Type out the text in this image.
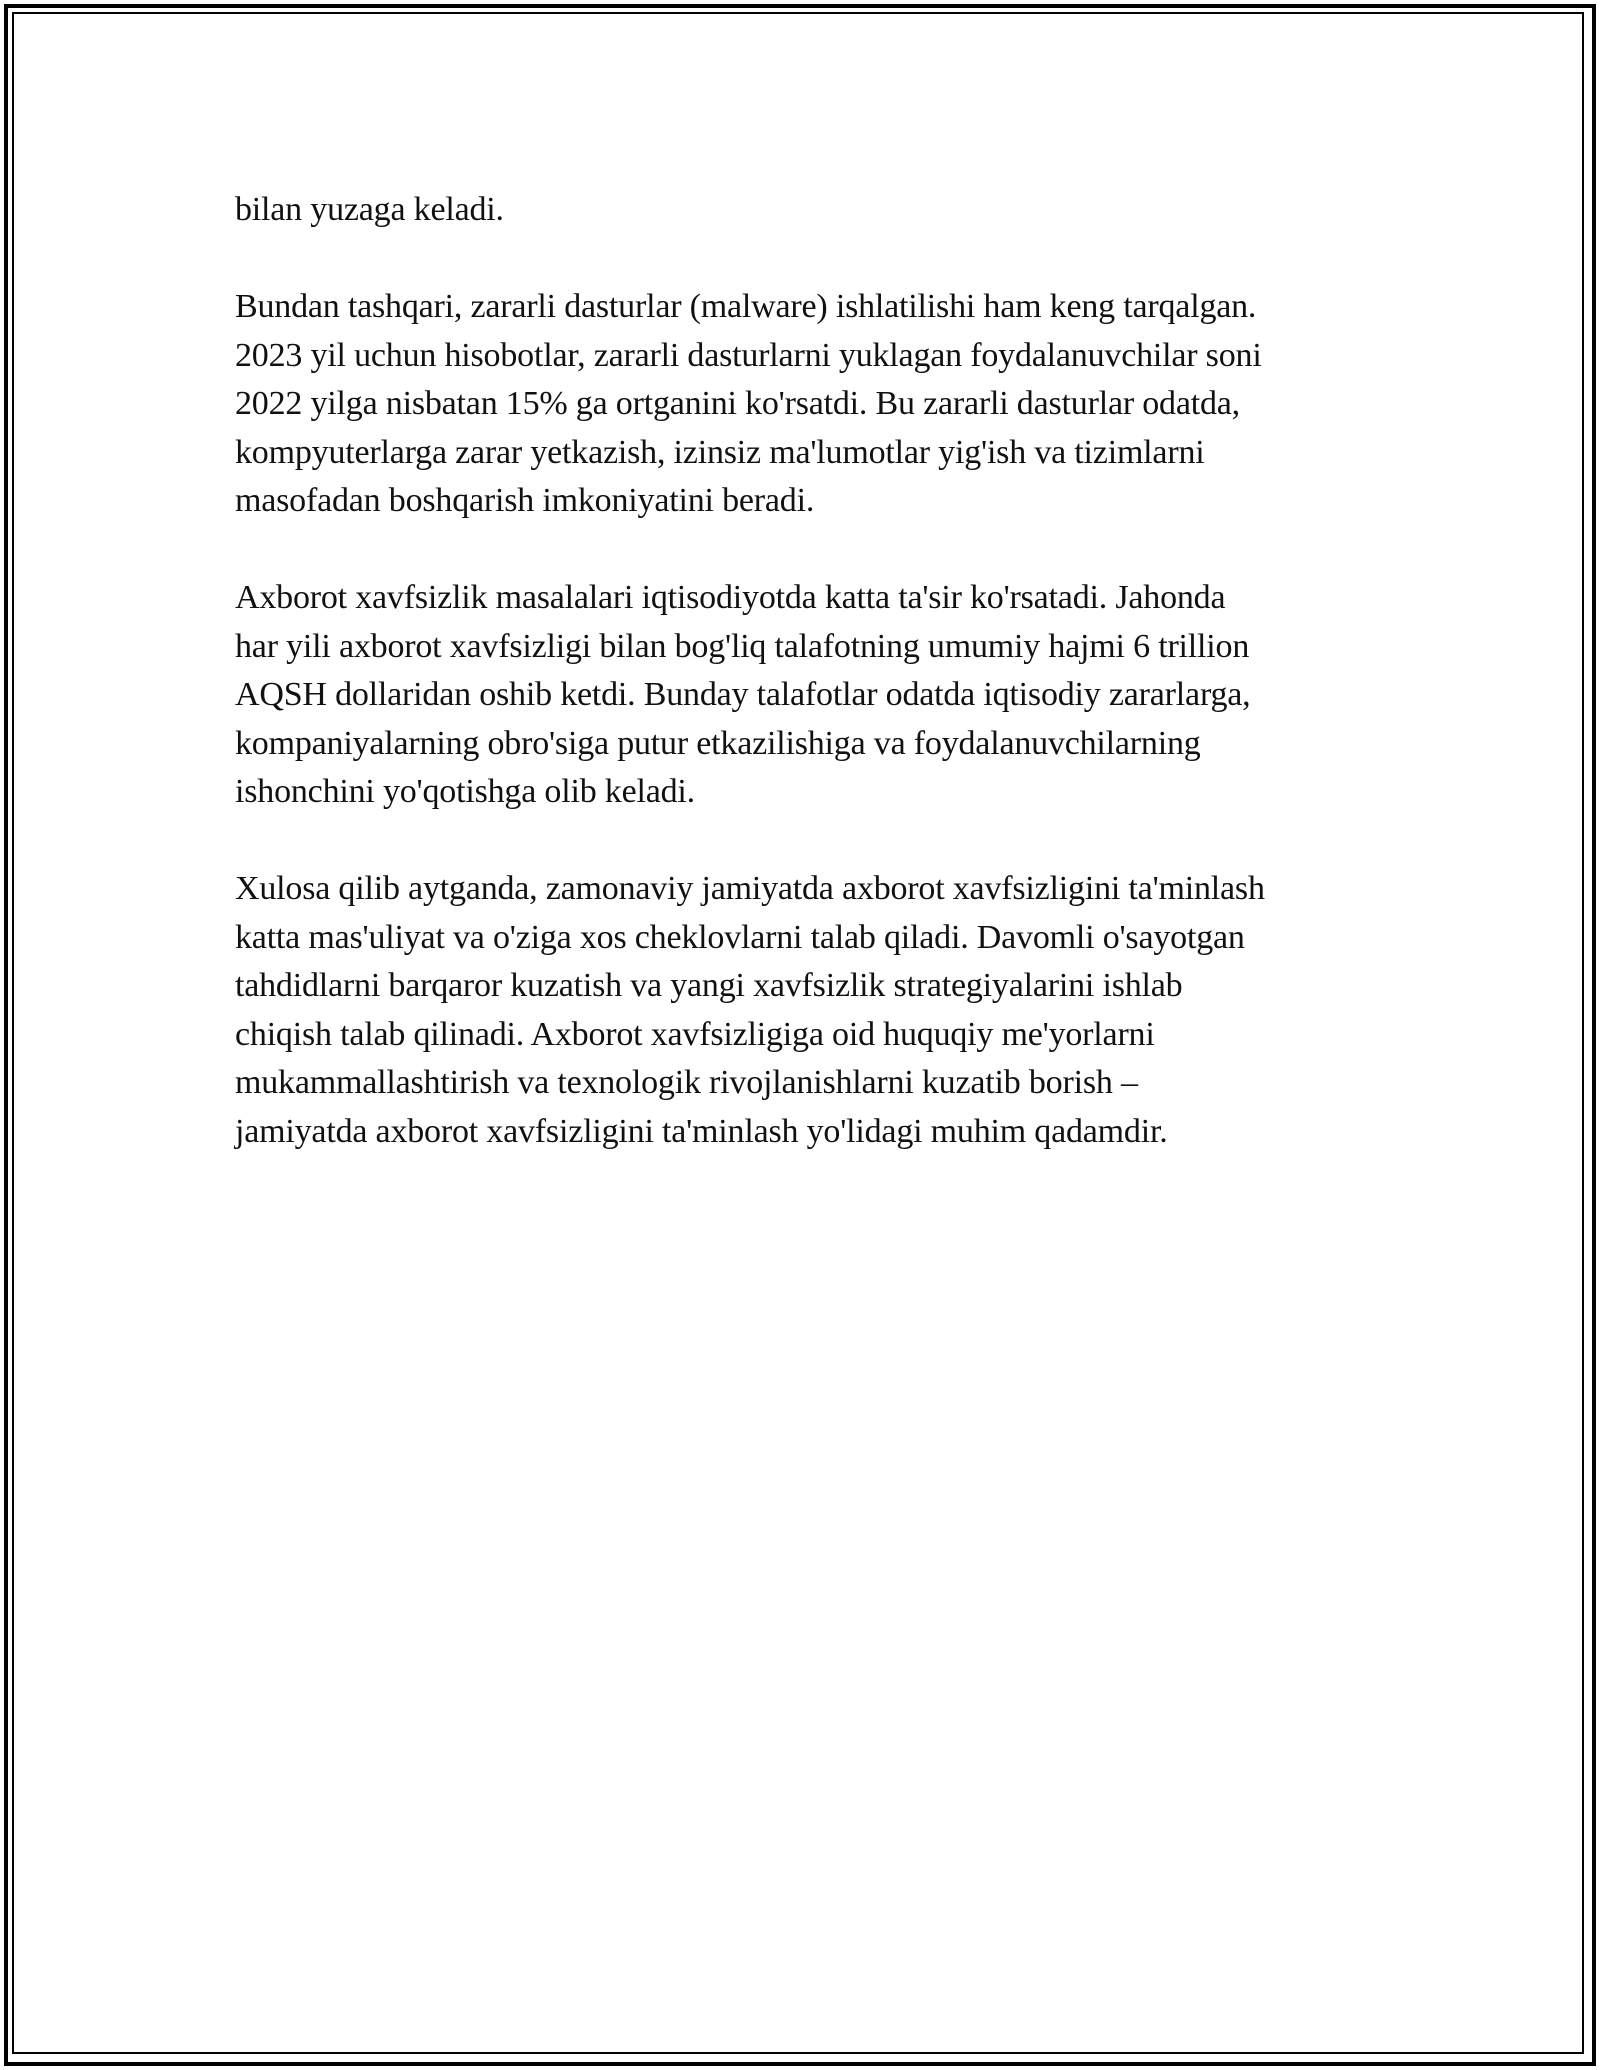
bilan yuzaga keladi.

Bundan tashqari, zararli dasturlar (malware) ishlatilishi ham keng tarqalgan.
2023 yil uchun hisobotlar, zararli dasturlarni yuklagan foydalanuvchilar soni
2022 yilga nisbatan 15% ga ortganini ko'rsatdi. Bu zararli dasturlar odatda,
kompyuterlarga zarar yetkazish, izinsiz ma'lumotlar yig'ish va tizimlarni
masofadan boshqarish imkoniyatini beradi.

Axborot xavfsizlik masalalari iqtisodiyotda katta ta'sir ko'rsatadi. Jahonda
har yili axborot xavfsizligi bilan bog'liq talafotning umumiy hajmi 6 trillion
AQSH dollaridan oshib ketdi. Bunday talafotlar odatda iqtisodiy zararlarga,
kompaniyalarning obro'siga putur etkazilishiga va foydalanuvchilarning
ishonchini yo'qotishga olib keladi.

Xulosa qilib aytganda, zamonaviy jamiyatda axborot xavfsizligini ta'minlash
katta mas'uliyat va o'ziga xos cheklovlarni talab qiladi. Davomli o'sayotgan
tahdidlarni barqaror kuzatish va yangi xavfsizlik strategiyalarini ishlab
chiqish talab qilinadi. Axborot xavfsizligiga oid huquqiy me'yorlarni
mukammallashtirish va texnologik rivojlanishlarni kuzatib borish –
jamiyatda axborot xavfsizligini ta'minlash yo'lidagi muhim qadamdir.
